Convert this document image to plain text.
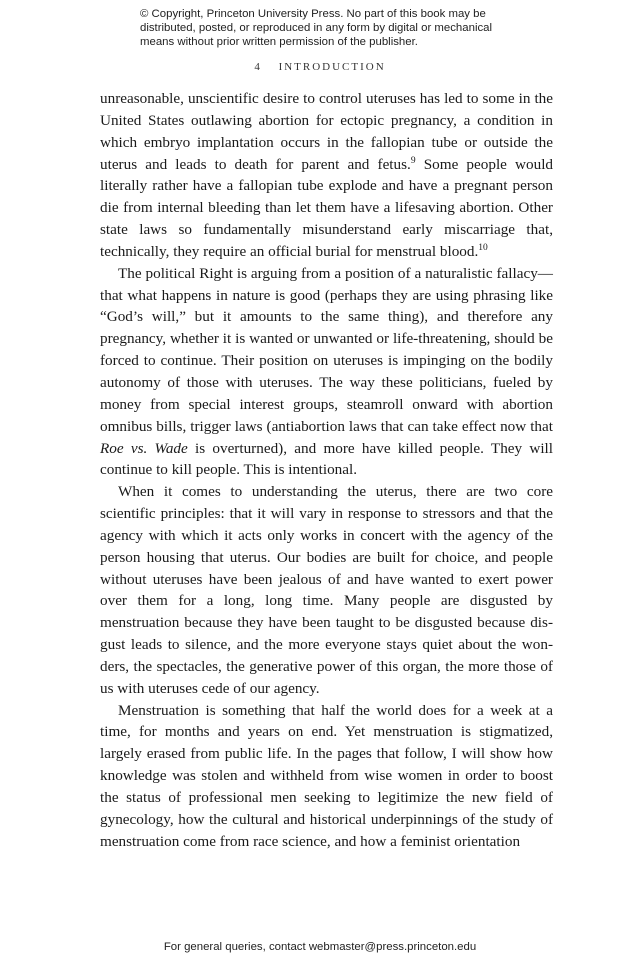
© Copyright, Princeton University Press. No part of this book may be

distributed, posted, or reproduced in any form by digital or mechanical

means without prior written permission of the publisher.

4 INTRODUCTION

unreasonable, unscientific desire to control uteruses has led to some in the United States outlawing abortion for ectopic pregnancy, a condition in which embryo implantation occurs in the fallopian tube or outside the uterus and leads to death for parent and fetus.$^9$ Some people would literally rather have a fallopian tube explode and have a pregnant person die from internal bleeding than let them have a lifesaving abortion. Other state laws so fundamentally misunderstand early miscarriage that, technically, they require an official burial for menstrual blood.$^{10}$

The political Right is arguing from a position of a naturalistic fallacy—that what happens in nature is good (perhaps they are using phrasing like “God’s will,” but it amounts to the same thing), and therefore any pregnancy, whether it is wanted or unwanted or life-threatening, should be forced to continue. Their position on uteruses is impinging on the bodily autonomy of those with uteruses. The way these politicians, fueled by money from special interest groups, steamroll onward with abortion omnibus bills, trigger laws (antiabortion laws that can take effect now that Roe vs. Wade is overturned), and more have killed people. They will continue to kill people. This is intentional.

When it comes to understanding the uterus, there are two core scientific principles: that it will vary in response to stressors and that the agency with which it acts only works in concert with the agency of the person housing that uterus. Our bodies are built for choice, and people without uteruses have been jealous of and have wanted to exert power over them for a long, long time. Many people are disgusted by menstruation because they have been taught to be disgusted because disgust leads to silence, and the more everyone stays quiet about the wonders, the spectacles, the generative power of this organ, the more those of us with uteruses cede of our agency.

Menstruation is something that half the world does for a week at a time, for months and years on end. Yet menstruation is stigmatized, largely erased from public life. In the pages that follow, I will show how knowledge was stolen and withheld from wise women in order to boost the status of professional men seeking to legitimize the new field of gynecology, how the cultural and historical underpinnings of the study of menstruation come from race science, and how a feminist orientation

For general queries, contact webmaster@press.princeton.edu
